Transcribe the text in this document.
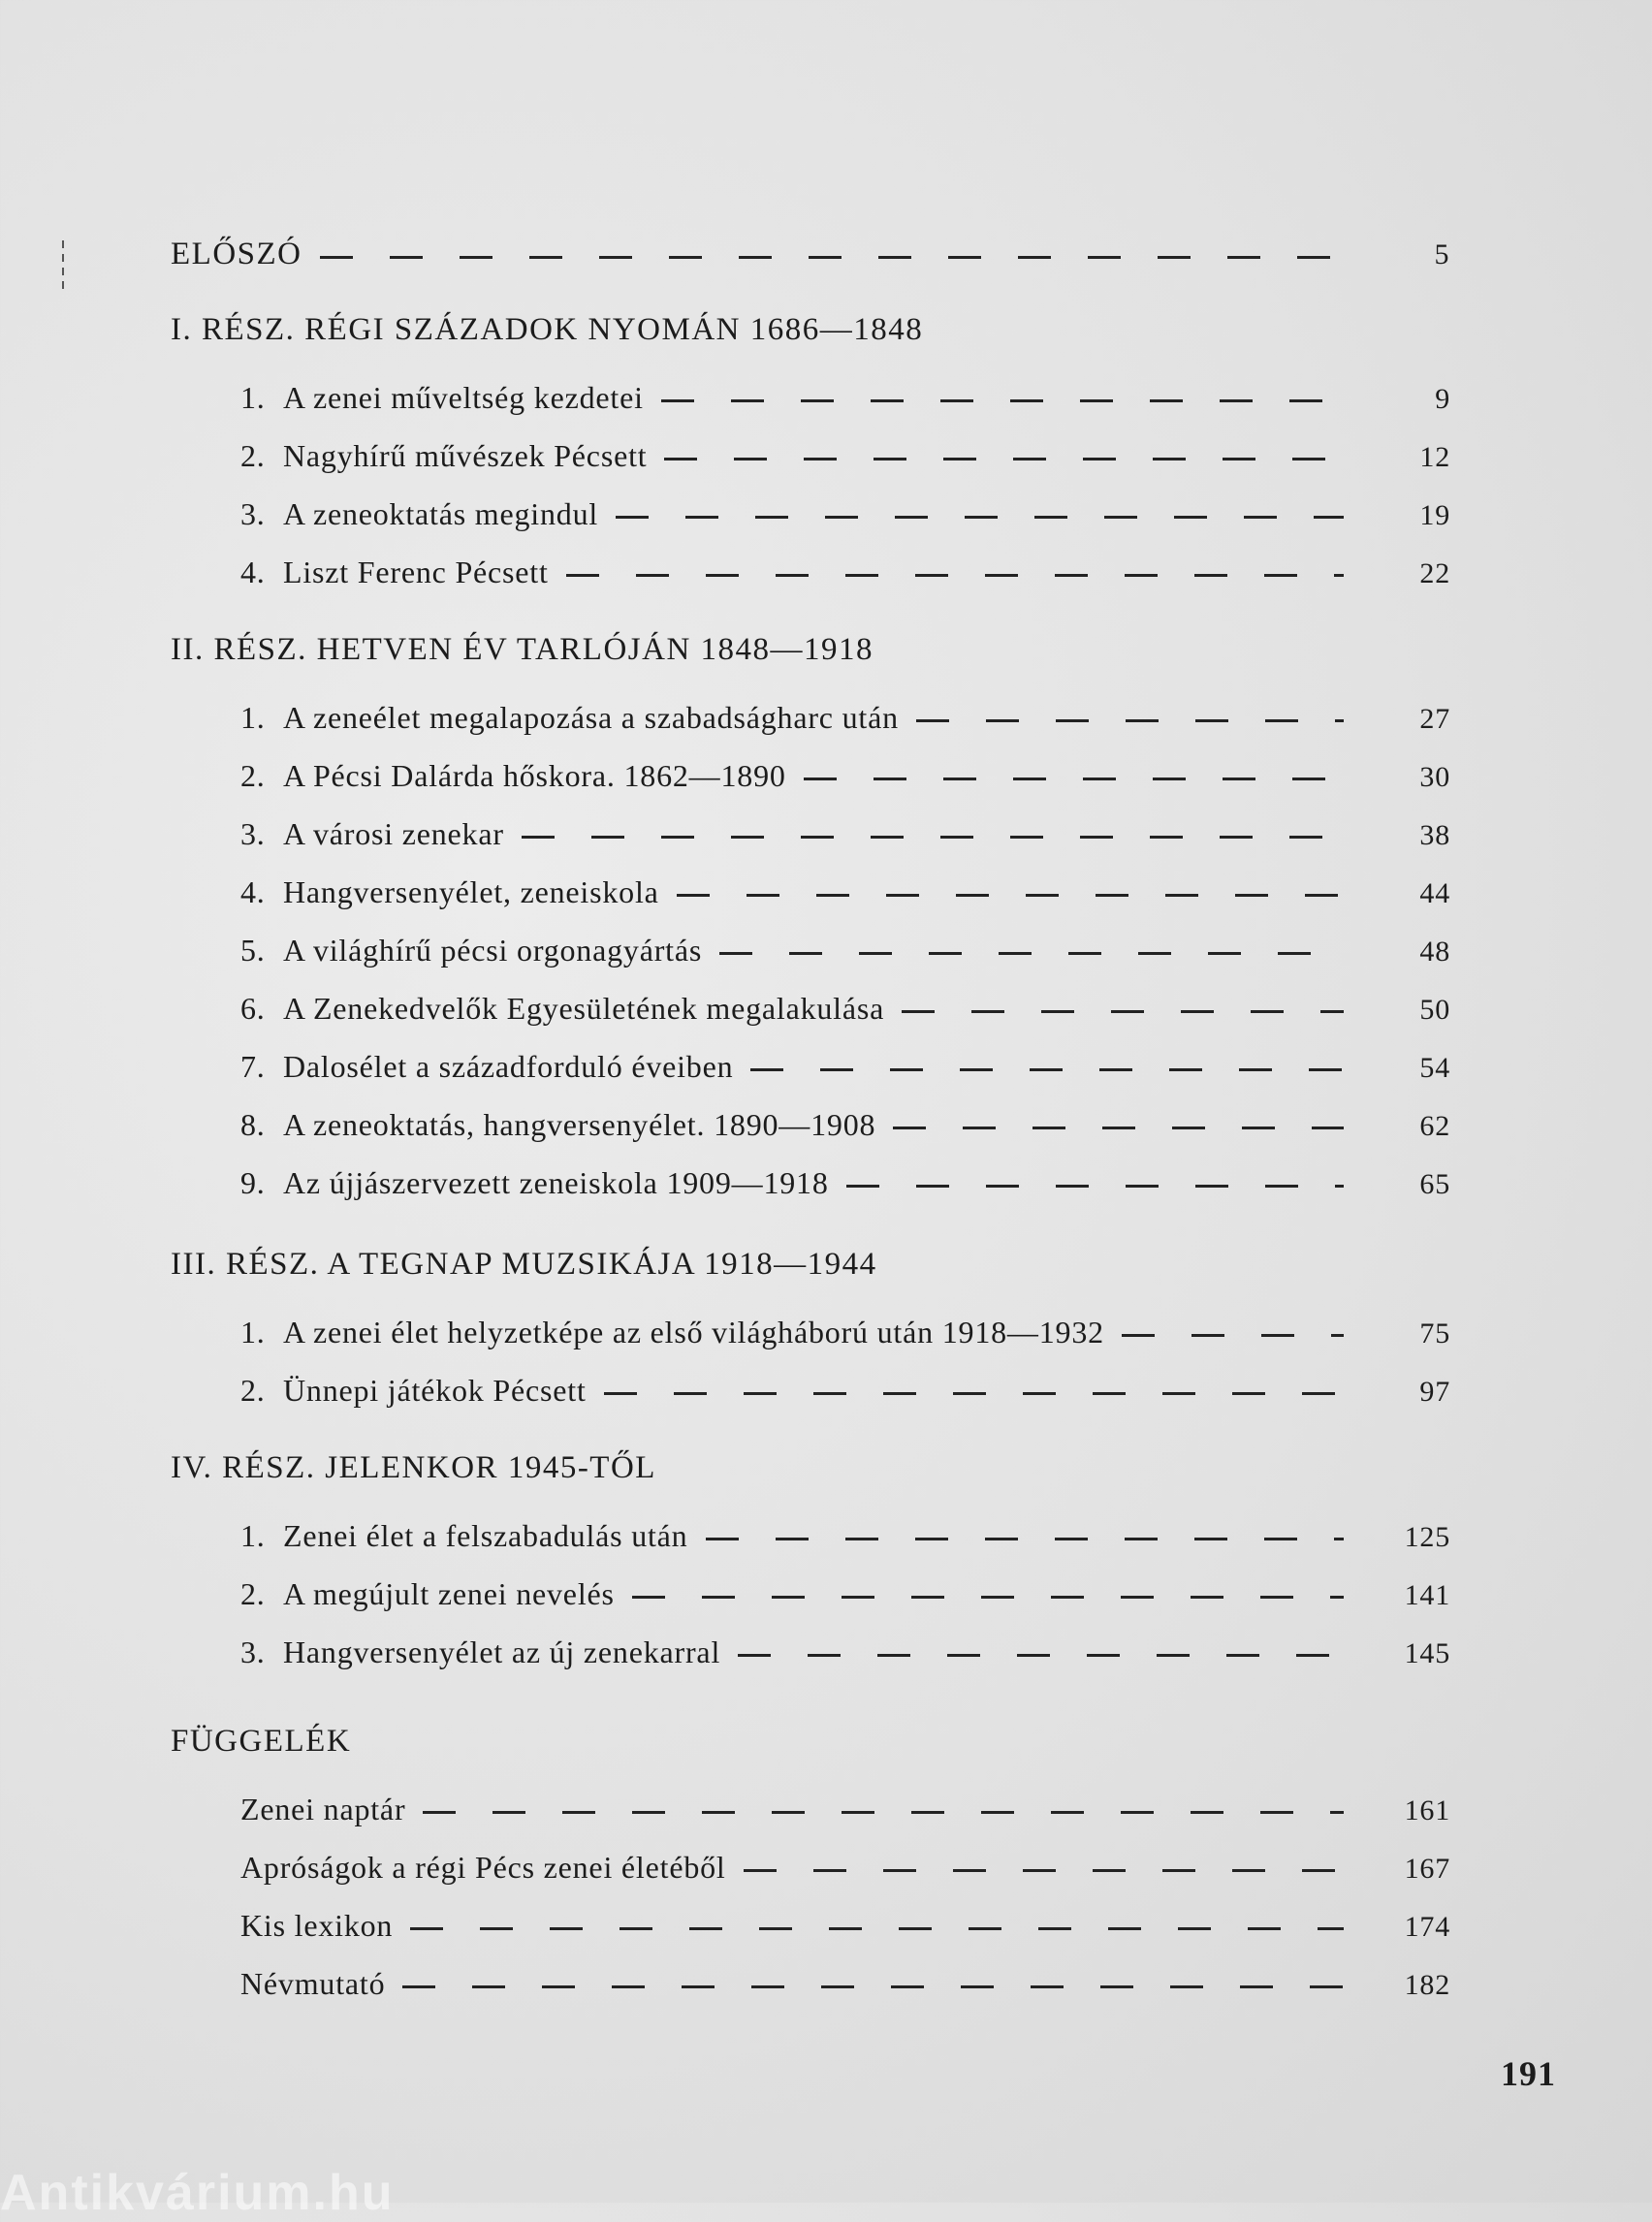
ELŐSZÓ	5
I. RÉSZ. RÉGI SZÁZADOK NYOMÁN 1686—1848
1. A zenei műveltség kezdetei	9
2. Nagyhírű művészek Pécsett	12
3. A zeneoktatás megindul	19
4. Liszt Ferenc Pécsett	22
II. RÉSZ. HETVEN ÉV TARLÓJÁN 1848—1918
1. A zeneélet megalapozása a szabadságharc után	27
2. A Pécsi Dalárda hőskora. 1862—1890	30
3. A városi zenekar	38
4. Hangversenyélet, zeneiskola	44
5. A világhírű pécsi orgonagyártás	48
6. A Zenekedvelők Egyesületének megalakulása	50
7. Dalosélet a századforduló éveiben	54
8. A zeneoktatás, hangversenyélet. 1890—1908	62
9. Az újjászervezett zeneiskola 1909—1918	65
III. RÉSZ. A TEGNAP MUZSIKÁJA 1918—1944
1. A zenei élet helyzetképe az első világháború után 1918—1932	75
2. Ünnepi játékok Pécsett	97
IV. RÉSZ. JELENKOR 1945-TŐL
1. Zenei élet a felszabadulás után	125
2. A megújult zenei nevelés	141
3. Hangversenyélet az új zenekarral	145
FÜGGELÉK
Zenei naptár	161
Apróságok a régi Pécs zenei életéből	167
Kis lexikon	174
Névmutató	182
191
Antikvárium.hu
